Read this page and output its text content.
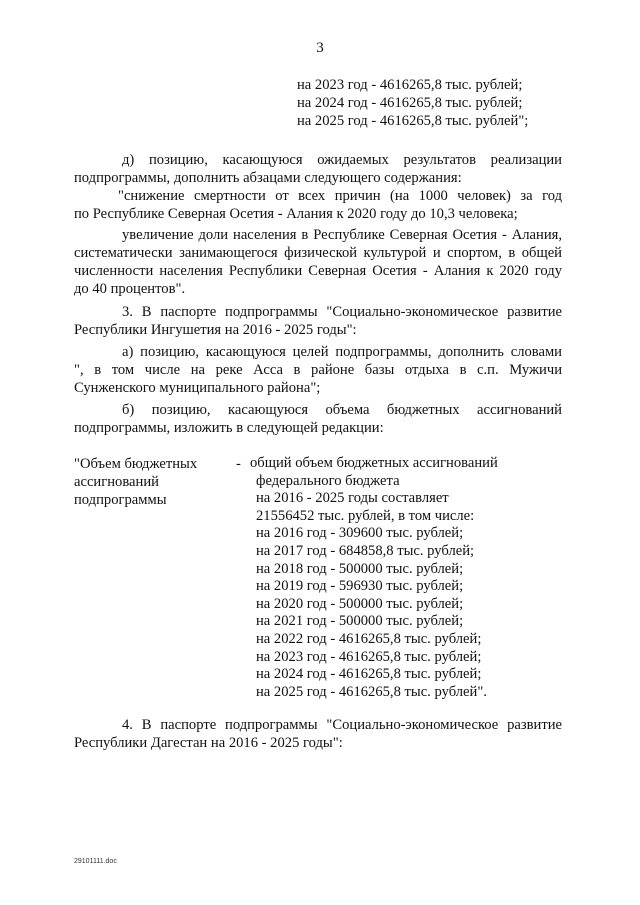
3
на 2023 год - 4616265,8 тыс. рублей;
на 2024 год - 4616265,8 тыс. рублей;
на 2025 год - 4616265,8 тыс. рублей";
д) позицию, касающуюся ожидаемых результатов реализации
подпрограммы, дополнить абзацами следующего содержания:
"снижение смертности от всех причин (на 1000 человек) за год
по Республике Северная Осетия - Алания к 2020 году до 10,3 человека;
увеличение доли населения в Республике Северная Осетия - Алания,
систематически занимающегося физической культурой и спортом, в общей
численности населения Республики Северная Осетия - Алания к 2020 году
до 40 процентов".
3. В паспорте подпрограммы "Социально-экономическое развитие
Республики Ингушетия на 2016 - 2025 годы":
а) позицию, касающуюся целей подпрограммы, дополнить словами
", в том числе на реке Асса в районе базы отдыха в с.п. Мужичи
Сунженского муниципального района";
б) позицию, касающуюся объема бюджетных ассигнований
подпрограммы, изложить в следующей редакции:
"Объем бюджетных
ассигнований
подпрограммы
- общий объем бюджетных ассигнований
федерального бюджета
на 2016 - 2025 годы составляет
21556452 тыс. рублей, в том числе:
на 2016 год - 309600 тыс. рублей;
на 2017 год - 684858,8 тыс. рублей;
на 2018 год - 500000 тыс. рублей;
на 2019 год - 596930 тыс. рублей;
на 2020 год - 500000 тыс. рублей;
на 2021 год - 500000 тыс. рублей;
на 2022 год - 4616265,8 тыс. рублей;
на 2023 год - 4616265,8 тыс. рублей;
на 2024 год - 4616265,8 тыс. рублей;
на 2025 год - 4616265,8 тыс. рублей".
4. В паспорте подпрограммы "Социально-экономическое развитие
Республики Дагестан на 2016 - 2025 годы":
29101111.doc
